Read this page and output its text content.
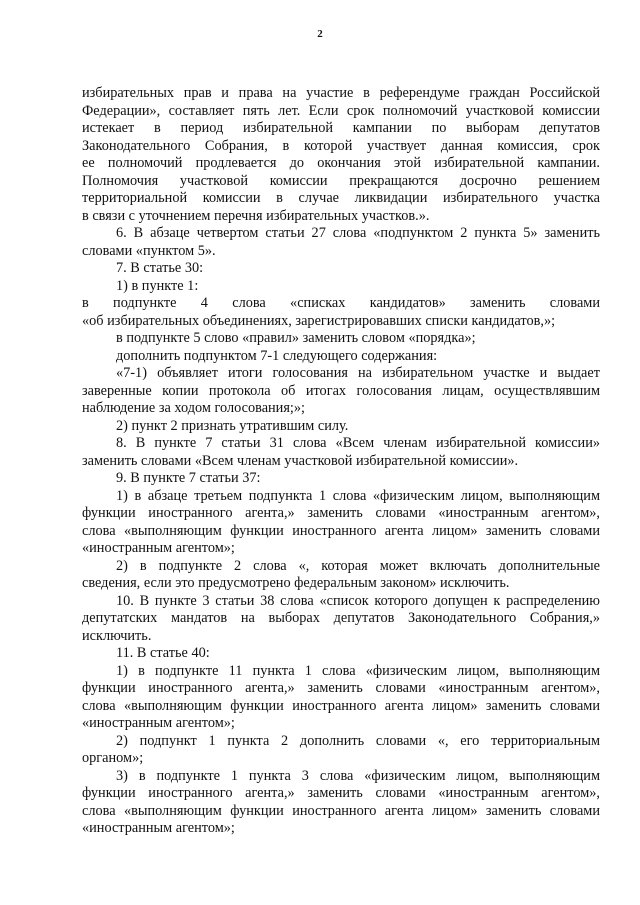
2

избирательных прав и права на участие в референдуме граждан Российской

Федерации», составляет пять лет. Если срок полномочий участковой комиссии

истекает в период избирательной кампании по выборам депутатов

Законодательного Собрания, в которой участвует данная комиссия, срок

ее полномочий продлевается до окончания этой избирательной кампании.

Полномочия участковой комиссии прекращаются досрочно решением

территориальной комиссии в случае ликвидации избирательного участка

в связи с уточнением перечня избирательных участков.».

6. В абзаце четвертом статьи 27 слова «подпунктом 2 пункта 5» заменить

словами «пунктом 5».

7. В статье 30:

1) в пункте 1:

в подпункте 4 слова «списках кандидатов» заменить словами

«об избирательных объединениях, зарегистрировавших списки кандидатов,»;

в подпункте 5 слово «правил» заменить словом «порядка»;

дополнить подпунктом 7-1 следующего содержания:

«7-1) объявляет итоги голосования на избирательном участке и выдает

заверенные копии протокола об итогах голосования лицам, осуществлявшим

наблюдение за ходом голосования;»;

2) пункт 2 признать утратившим силу.

8. В пункте 7 статьи 31 слова «Всем членам избирательной комиссии»

заменить словами «Всем членам участковой избирательной комиссии».

9. В пункте 7 статьи 37:

1) в абзаце третьем подпункта 1 слова «физическим лицом, выполняющим

функции иностранного агента,» заменить словами «иностранным агентом»,

слова «выполняющим функции иностранного агента лицом» заменить словами

«иностранным агентом»;

2) в подпункте 2 слова «, которая может включать дополнительные

сведения, если это предусмотрено федеральным законом» исключить.

10. В пункте 3 статьи 38 слова «список которого допущен к распределению

депутатских мандатов на выборах депутатов Законодательного Собрания,»

исключить.

11. В статье 40:

1) в подпункте 11 пункта 1 слова «физическим лицом, выполняющим

функции иностранного агента,» заменить словами «иностранным агентом»,

слова «выполняющим функции иностранного агента лицом» заменить словами

«иностранным агентом»;

2) подпункт 1 пункта 2 дополнить словами «, его территориальным

органом»;

3) в подпункте 1 пункта 3 слова «физическим лицом, выполняющим

функции иностранного агента,» заменить словами «иностранным агентом»,

слова «выполняющим функции иностранного агента лицом» заменить словами

«иностранным агентом»;
